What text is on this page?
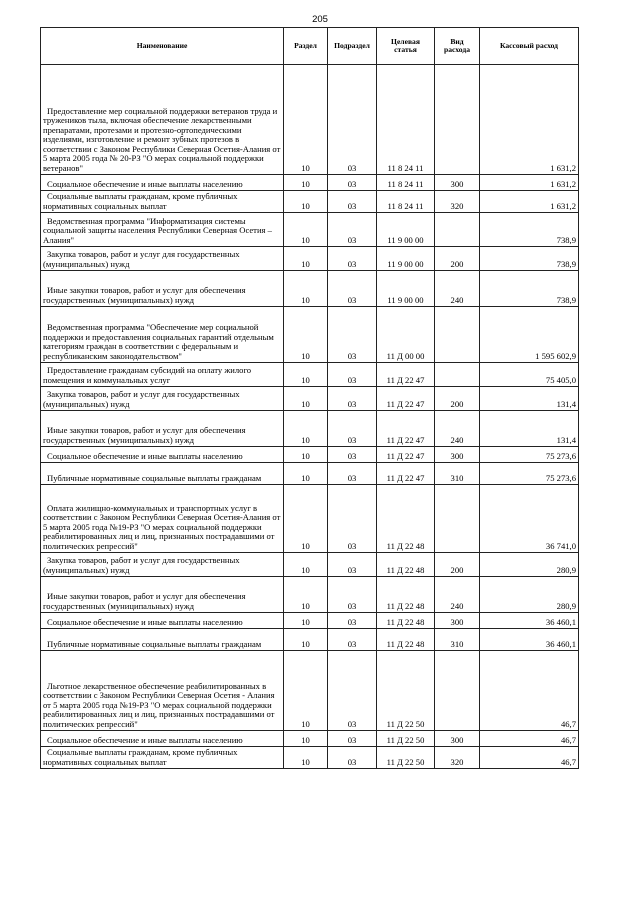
205
Наименование	Раздел	Подраздел	Целевая статья	Вид расхода	Кассовый расход
Предоставление мер социальной поддержки ветеранов труда и тружеников тыла, включая обеспечение лекарственными препаратами, протезами и протезно-ортопедическими изделиями, изготовление и ремонт зубных протезов в соответствии с Законом Республики Северная Осетия-Алания от 5 марта 2005 года № 20-РЗ "О мерах социальной поддержки ветеранов"	10	03	11 8 24 11		1 631,2
Социальное обеспечение и иные выплаты населению	10	03	11 8 24 11	300	1 631,2
Социальные выплаты гражданам, кроме публичных нормативных социальных выплат	10	03	11 8 24 11	320	1 631,2
Ведомственная программа "Информатизация системы социальной защиты населения Республики Северная Осетия – Алания"	10	03	11 9 00 00		738,9
Закупка товаров, работ и услуг для государственных (муниципальных) нужд	10	03	11 9 00 00	200	738,9
Иные закупки товаров, работ и услуг для обеспечения государственных (муниципальных) нужд	10	03	11 9 00 00	240	738,9
Ведомственная программа "Обеспечение мер социальной поддержки и предоставления социальных гарантий отдельным категориям граждан в соответствии с федеральным и республиканским законодательством"	10	03	11 Д 00 00		1 595 602,9
Предоставление гражданам субсидий на оплату жилого помещения и коммунальных услуг	10	03	11 Д 22 47		75 405,0
Закупка товаров, работ и услуг для государственных (муниципальных) нужд	10	03	11 Д 22 47	200	131,4
Иные закупки товаров, работ и услуг для обеспечения государственных (муниципальных) нужд	10	03	11 Д 22 47	240	131,4
Социальное обеспечение и иные выплаты населению	10	03	11 Д 22 47	300	75 273,6
Публичные нормативные социальные выплаты гражданам	10	03	11 Д 22 47	310	75 273,6
Оплата жилищно-коммунальных и транспортных услуг в соответствии с Законом Республики Северная Осетия-Алания от 5 марта 2005 года №19-РЗ "О мерах социальной поддержки реабилитированных лиц и лиц, признанных пострадавшими от политических репрессий"	10	03	11 Д 22 48		36 741,0
Закупка товаров, работ и услуг для государственных (муниципальных) нужд	10	03	11 Д 22 48	200	280,9
Иные закупки товаров, работ и услуг для обеспечения государственных (муниципальных) нужд	10	03	11 Д 22 48	240	280,9
Социальное обеспечение и иные выплаты населению	10	03	11 Д 22 48	300	36 460,1
Публичные нормативные социальные выплаты гражданам	10	03	11 Д 22 48	310	36 460,1
Льготное лекарственное обеспечение реабилитированных в соответствии с Законом Республики Северная Осетия - Алания от 5 марта 2005 года №19-РЗ "О мерах социальной поддержки реабилитированных лиц и лиц, признанных пострадавшими от политических репрессий"	10	03	11 Д 22 50		46,7
Социальное обеспечение и иные выплаты населению	10	03	11 Д 22 50	300	46,7
Социальные выплаты гражданам, кроме публичных нормативных социальных выплат	10	03	11 Д 22 50	320	46,7
